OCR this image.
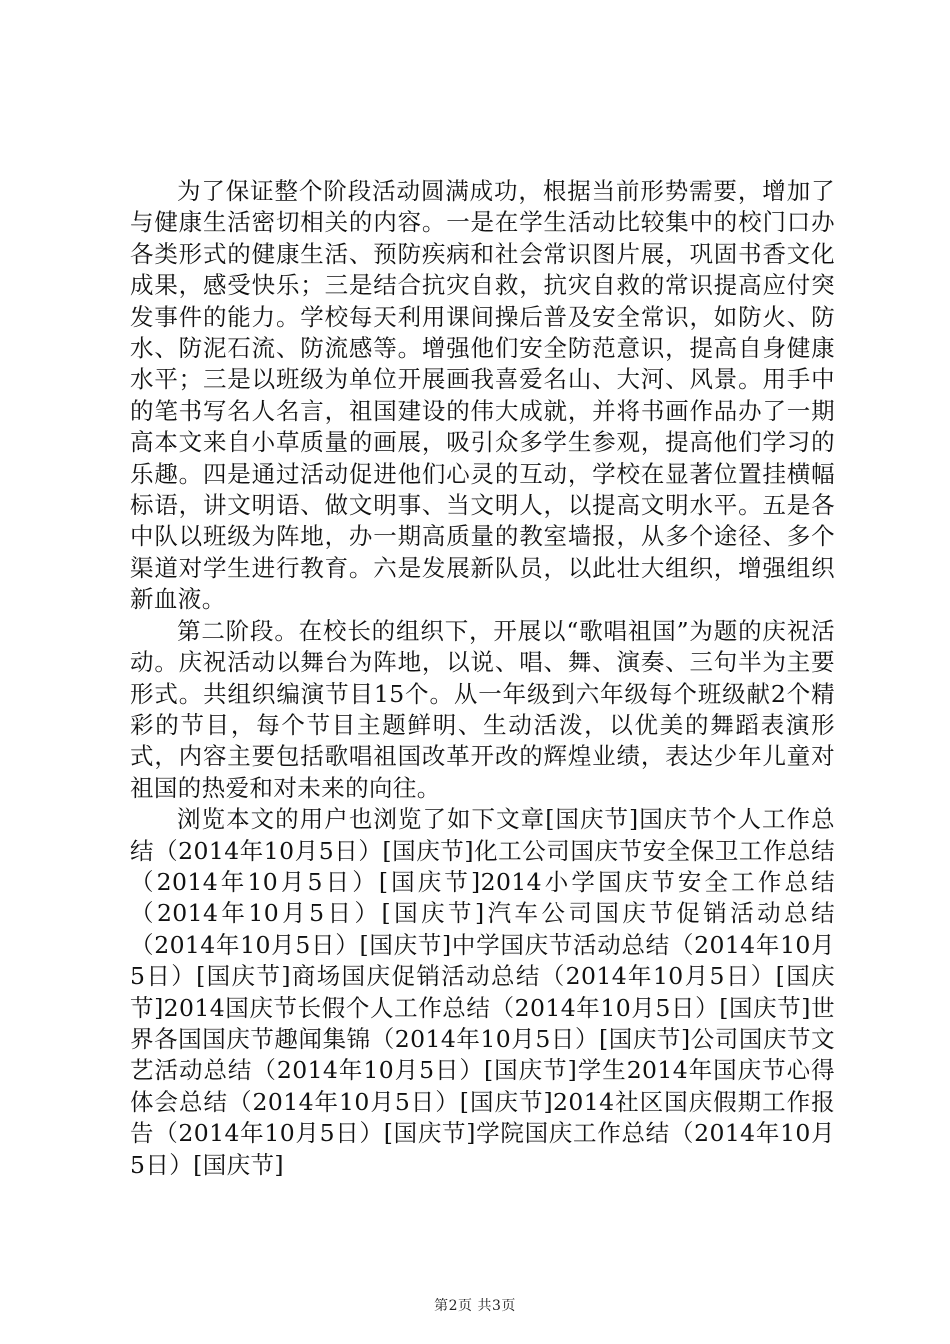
为了保证整个阶段活动圆满成功，根据当前形势需要，增加了与健康生活密切相关的内容。一是在学生活动比较集中的校门口办各类形式的健康生活、预防疾病和社会常识图片展，巩固书香文化成果，感受快乐；三是结合抗灾自救，抗灾自救的常识提高应付突发事件的能力。学校每天利用课间操后普及安全常识，如防火、防水、防泥石流、防流感等。增强他们安全防范意识，提高自身健康水平；三是以班级为单位开展画我喜爱名山、大河、风景。用手中的笔书写名人名言，祖国建设的伟大成就，并将书画作品办了一期高本文来自小草质量的画展，吸引众多学生参观，提高他们学习的乐趣。四是通过活动促进他们心灵的互动，学校在显著位置挂横幅标语，讲文明语、做文明事、当文明人，以提高文明水平。五是各中队以班级为阵地，办一期高质量的教室墙报，从多个途径、多个渠道对学生进行教育。六是发展新队员，以此壮大组织，增强组织新血液。

第二阶段。在校长的组织下，开展以“歌唱祖国”为题的庆祝活动。庆祝活动以舞台为阵地，以说、唱、舞、演奏、三句半为主要形式。共组织编演节目15个。从一年级到六年级每个班级献2个精彩的节目，每个节目主题鲜明、生动活泼，以优美的舞蹈表演形式，内容主要包括歌唱祖国改革开改的辉煌业绩，表达少年儿童对祖国的热爱和对未来的向往。

浏览本文的用户也浏览了如下文章[国庆节]国庆节个人工作总结（2014年10月5日）[国庆节]化工公司国庆节安全保卫工作总结（2014年10月5日）[国庆节]2014小学国庆节安全工作总结（2014年10月5日）[国庆节]汽车公司国庆节促销活动总结（2014年10月5日）[国庆节]中学国庆节活动总结（2014年10月5日）[国庆节]商场国庆促销活动总结（2014年10月5日）[国庆节]2014国庆节长假个人工作总结（2014年10月5日）[国庆节]世界各国国庆节趣闻集锦（2014年10月5日）[国庆节]公司国庆节文艺活动总结（2014年10月5日）[国庆节]学生2014年国庆节心得体会总结（2014年10月5日）[国庆节]2014社区国庆假期工作报告（2014年10月5日）[国庆节]学院国庆工作总结（2014年10月5日）[国庆节]

第2页 共3页
